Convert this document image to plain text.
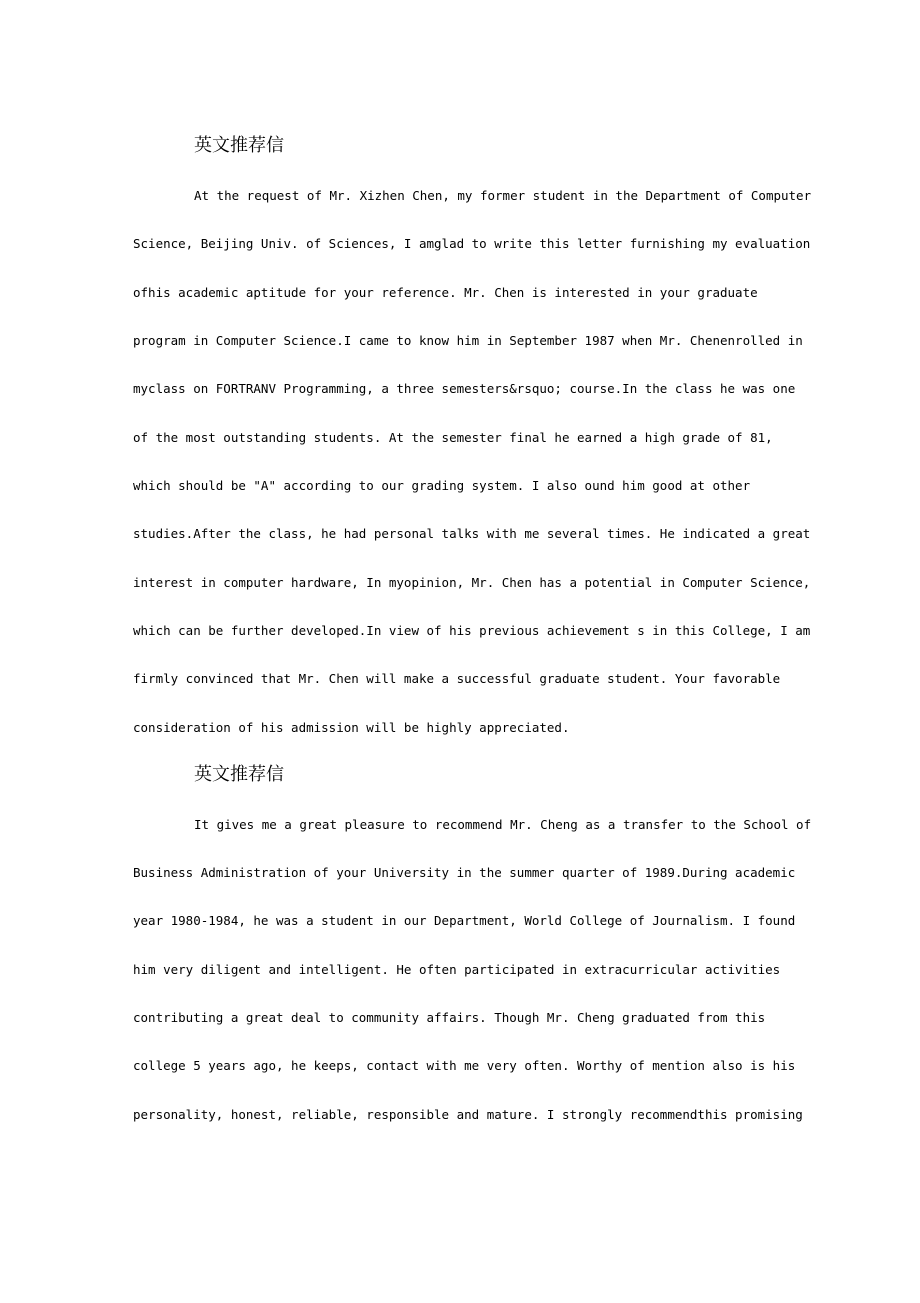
英文推荐信
At the request of Mr. Xizhen Chen, my former student in the Department of Computer
Science, Beijing Univ. of Sciences, I amglad to write this letter furnishing my evaluation
ofhis academic aptitude for your reference. Mr. Chen is interested in your graduate
program in Computer Science.I came to know him in September 1987 when Mr. Chenenrolled in
myclass on FORTRANV Programming, a three semesters&rsquo; course.In the class he was one
of the most outstanding students. At the semester final he earned a high grade of 81,
which should be "A" according to our grading system. I also ound him good at other
studies.After the class, he had personal talks with me several times. He indicated a great
interest in computer hardware, In myopinion, Mr. Chen has a potential in Computer Science,
which can be further developed.In view of his previous achievement s in this College, I am
firmly convinced that Mr. Chen will make a successful graduate student. Your favorable
consideration of his admission will be highly appreciated.
英文推荐信
It gives me a great pleasure to recommend Mr. Cheng as a transfer to the School of
Business Administration of your University in the summer quarter of 1989.During academic
year 1980-1984, he was a student in our Department, World College of Journalism. I found
him very diligent and intelligent. He often participated in extracurricular activities
contributing a great deal to community affairs. Though Mr. Cheng graduated from this
college 5 years ago, he keeps, contact with me very often. Worthy of mention also is his
personality, honest, reliable, responsible and mature. I strongly recommendthis promising
